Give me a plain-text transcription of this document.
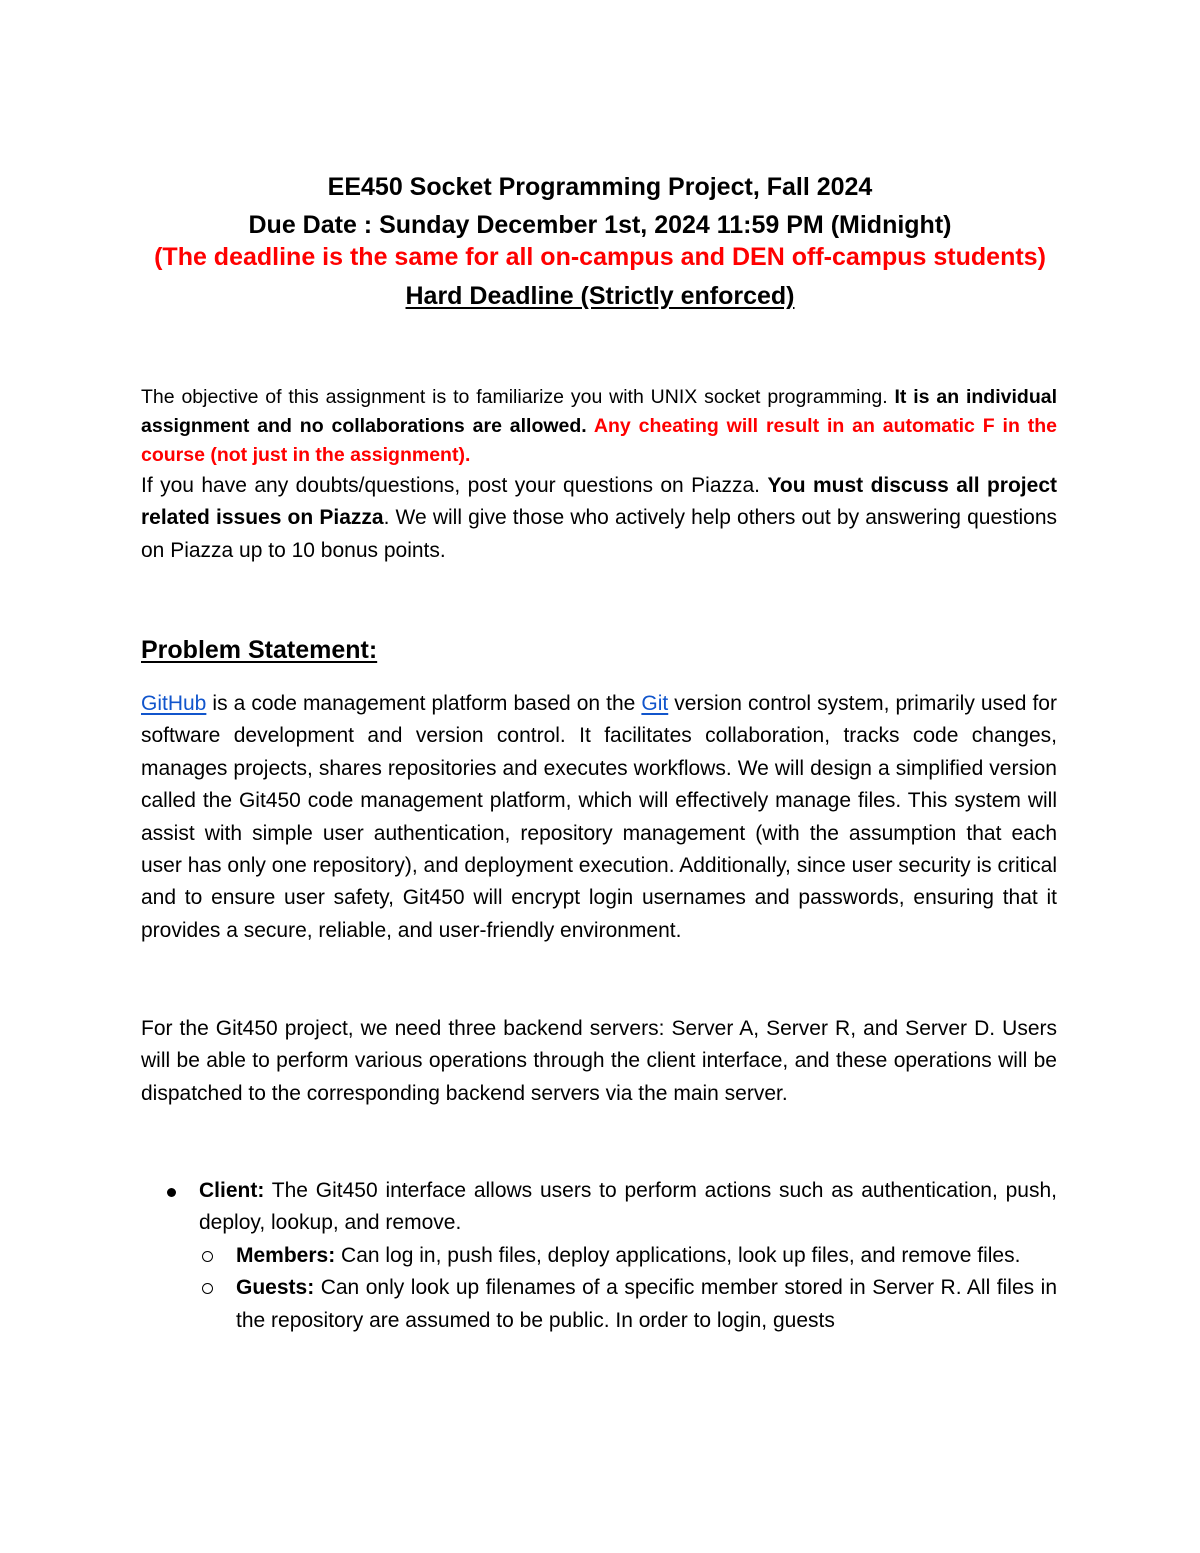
EE450 Socket Programming Project, Fall 2024
Due Date : Sunday December 1st, 2024 11:59 PM (Midnight)
(The deadline is the same for all on-campus and DEN off-campus students)
Hard Deadline (Strictly enforced)
The objective of this assignment is to familiarize you with UNIX socket programming. It is an individual assignment and no collaborations are allowed. Any cheating will result in an automatic F in the course (not just in the assignment).
If you have any doubts/questions, post your questions on Piazza. You must discuss all project related issues on Piazza. We will give those who actively help others out by answering questions on Piazza up to 10 bonus points.
Problem Statement:
GitHub is a code management platform based on the Git version control system, primarily used for software development and version control. It facilitates collaboration, tracks code changes, manages projects, shares repositories and executes workflows. We will design a simplified version called the Git450 code management platform, which will effectively manage files. This system will assist with simple user authentication, repository management (with the assumption that each user has only one repository), and deployment execution. Additionally, since user security is critical and to ensure user safety, Git450 will encrypt login usernames and passwords, ensuring that it provides a secure, reliable, and user-friendly environment.
For the Git450 project, we need three backend servers: Server A, Server R, and Server D. Users will be able to perform various operations through the client interface, and these operations will be dispatched to the corresponding backend servers via the main server.
Client: The Git450 interface allows users to perform actions such as authentication, push, deploy, lookup, and remove.
Members: Can log in, push files, deploy applications, look up files, and remove files.
Guests: Can only look up filenames of a specific member stored in Server R. All files in the repository are assumed to be public. In order to login, guests
